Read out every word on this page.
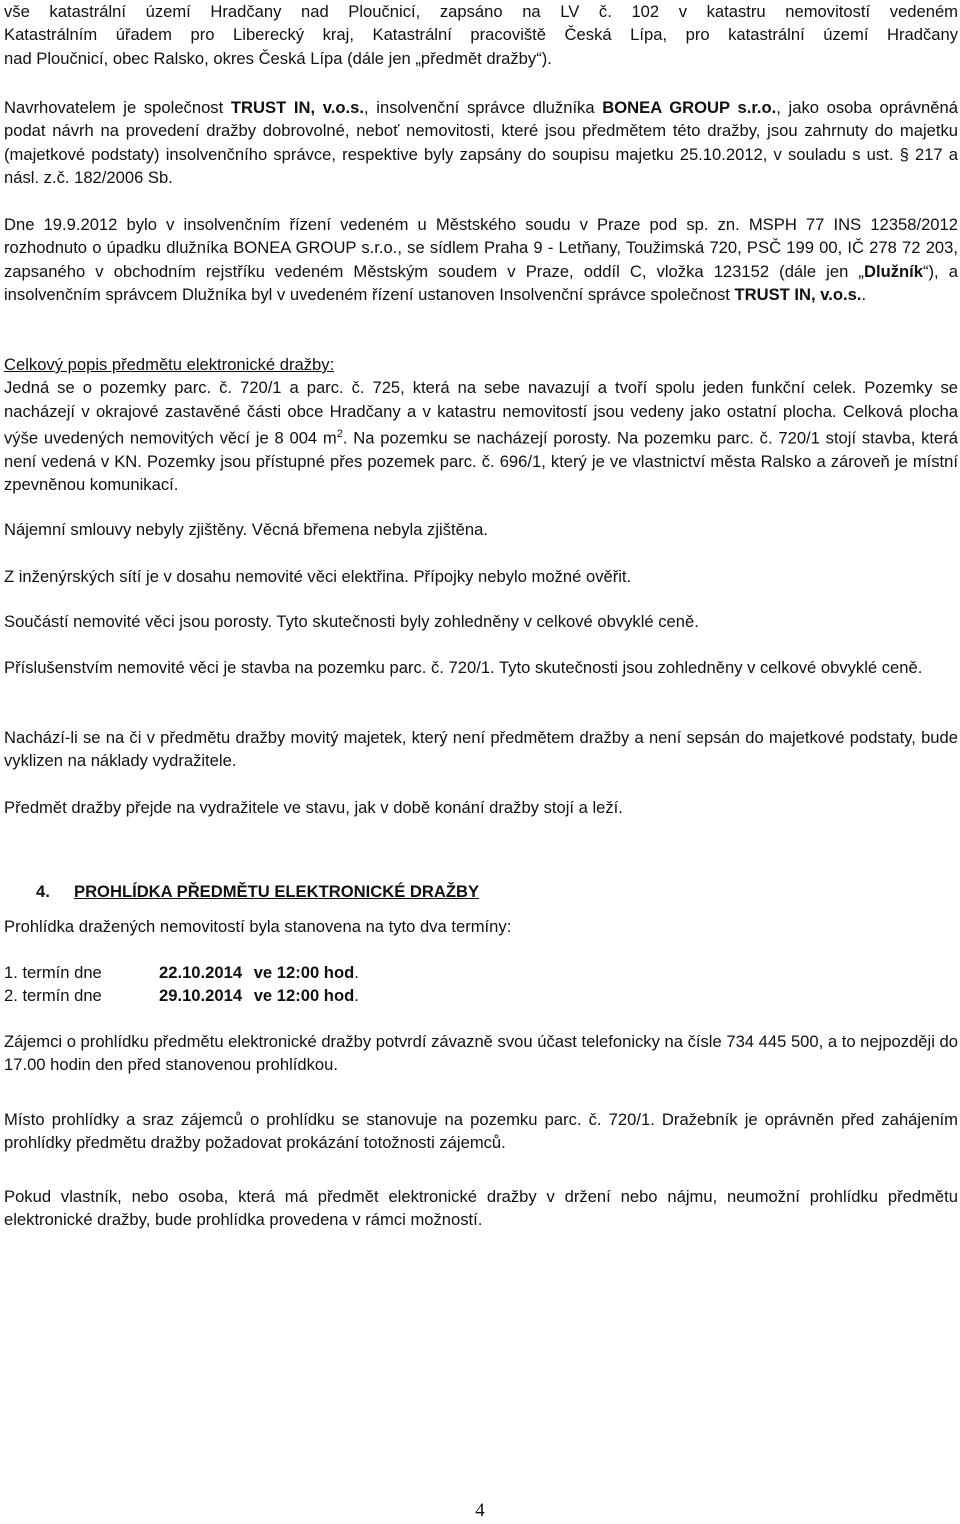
vše katastrální území Hradčany nad Ploučnicí, zapsáno na LV č. 102 v katastru nemovitostí vedeném
Katastrálním úřadem pro Liberecký kraj, Katastrální pracoviště Česká Lípa, pro katastrální území Hradčany
nad Ploučnicí, obec Ralsko, okres Česká Lípa (dále jen „předmět dražby“).

Navrhovatelem je společnost TRUST IN, v.o.s., insolvenční správce dlužníka BONEA GROUP s.r.o., jako osoba oprávněná podat návrh na provedení dražby dobrovolné, neboť nemovitosti, které jsou předmětem této dražby, jsou zahrnuty do majetku (majetkové podstaty) insolvenčního správce, respektive byly zapsány do soupisu majetku 25.10.2012, v souladu s ust. § 217 a násl. z.č. 182/2006 Sb.

Dne 19.9.2012 bylo v insolvenčním řízení vedeném u Městského soudu v Praze pod sp. zn. MSPH 77 INS 12358/2012 rozhodnuto o úpadku dlužníka BONEA GROUP s.r.o., se sídlem Praha 9 - Letňany, Toužimská 720, PSČ 199 00, IČ 278 72 203, zapsaného v obchodním rejstříku vedeném Městským soudem v Praze, oddíl C, vložka 123152 (dále jen „Dlužník“), a insolvenčním správcem Dlužníka byl v uvedeném řízení ustanoven Insolvenční správce společnost TRUST IN, v.o.s..

Celkový popis předmětu elektronické dražby:
Jedná se o pozemky parc. č. 720/1 a parc. č. 725, která na sebe navazují a tvoří spolu jeden funkční celek. Pozemky se nacházejí v okrajové zastavěné části obce Hradčany a v katastru nemovitostí jsou vedeny jako ostatní plocha. Celková plocha výše uvedených nemovitých věcí je 8 004 $m^2$. Na pozemku se nacházejí porosty. Na pozemku parc. č. 720/1 stojí stavba, která není vedená v KN. Pozemky jsou přístupné přes pozemek parc. č. 696/1, který je ve vlastnictví města Ralsko a zároveň je místní zpevněnou komunikací.

Nájemní smlouvy nebyly zjištěny. Věcná břemena nebyla zjištěna.

Z inženýrských sítí je v dosahu nemovité věci elektřina. Přípojky nebylo možné ověřit.

Součástí nemovité věci jsou porosty. Tyto skutečnosti byly zohledněny v celkové obvyklé ceně.

Příslušenstvím nemovité věci je stavba na pozemku parc. č. 720/1. Tyto skutečnosti jsou zohledněny v celkové obvyklé ceně.

Nachází-li se na či v předmětu dražby movitý majetek, který není předmětem dražby a není sepsán do majetkové podstaty, bude vyklizen na náklady vydražitele.

Předmět dražby přejde na vydražitele ve stavu, jak v době konání dražby stojí a leží.

4. PROHLÍDKA PŘEDMĚTU ELEKTRONICKÉ DRAŽBY

Prohlídka dražených nemovitostí byla stanovena na tyto dva termíny:

1. termín dne	22.10.2014 ve 12:00 hod.
2. termín dne	29.10.2014 ve 12:00 hod.

Zájemci o prohlídku předmětu elektronické dražby potvrdí závazně svou účast telefonicky na čísle 734 445 500, a to nejpozději do 17.00 hodin den před stanovenou prohlídkou.

Místo prohlídky a sraz zájemců o prohlídku se stanovuje na pozemku parc. č. 720/1. Dražebník je oprávněn před zahájením prohlídky předmětu dražby požadovat prokázání totožnosti zájemců.

Pokud vlastník, nebo osoba, která má předmět elektronické dražby v držení nebo nájmu, neumožní prohlídku předmětu elektronické dražby, bude prohlídka provedena v rámci možností.

4
